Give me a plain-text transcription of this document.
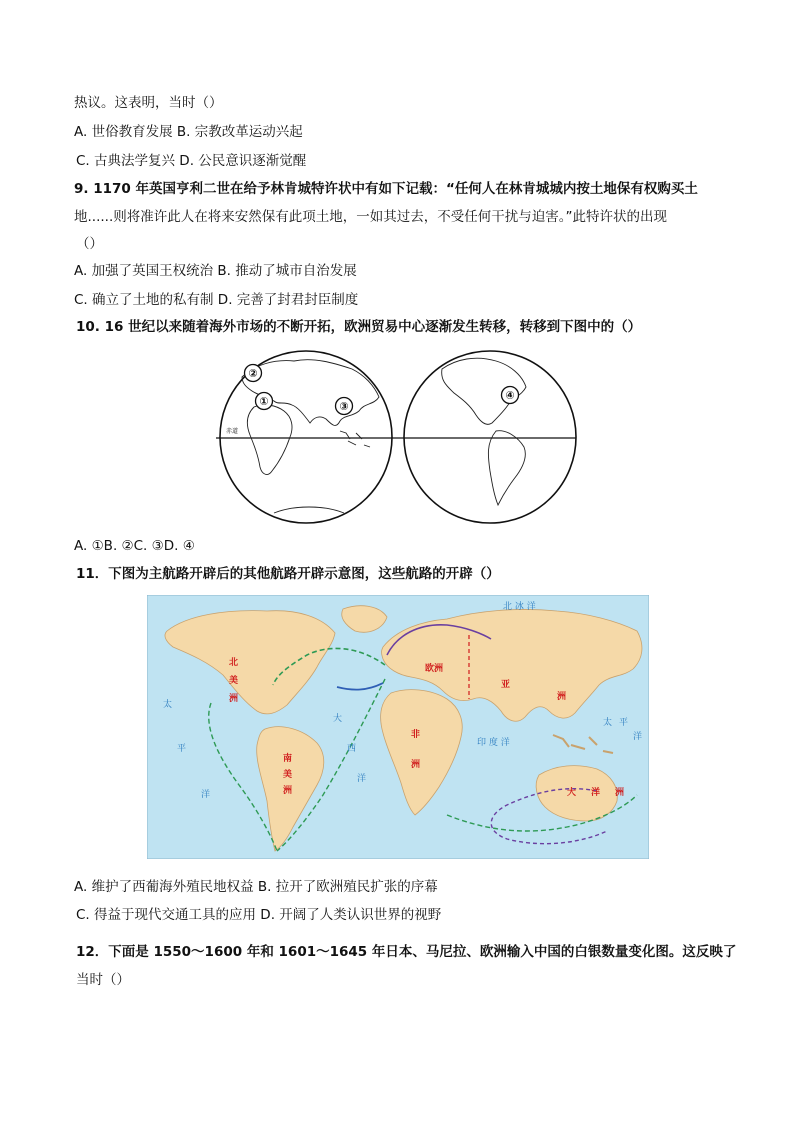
热议。这表明，当时（）
A. 世俗教育发展 B. 宗教改革运动兴起
C. 古典法学复兴 D. 公民意识逐渐觉醒
9. 1170 年英国亨利二世在给予林肯城特许状中有如下记载：“任何人在林肯城城内按土地保有权购买土
地......则将准许此人在将来安然保有此项土地，一如其过去，不受任何干扰与迫害。”此特许状的出现
（）
A. 加强了英国王权统治 B. 推动了城市自治发展
C. 确立了土地的私有制 D. 完善了封君封臣制度
10. 16 世纪以来随着海外市场的不断开拓，欧洲贸易中心逐渐发生转移，转移到下图中的（）
赤道
②
①	③
④
A. ①B. ②C. ③D. ④
11．下图为主航路开辟后的其他航路开辟示意图，这些航路的开辟（）
北
美
洲
南
美
洲
非
洲
欧洲
亚
洲
大 洋 洲
太
平
洋
大
西
洋
印 度 洋
太 平
洋
北 冰 洋
A. 维护了西葡海外殖民地权益 B. 拉开了欧洲殖民扩张的序幕
C. 得益于现代交通工具的应用 D. 开阔了人类认识世界的视野
12．下面是 1550～1600 年和 1601～1645 年日本、马尼拉、欧洲输入中国的白银数量变化图。这反映了
当时（）
